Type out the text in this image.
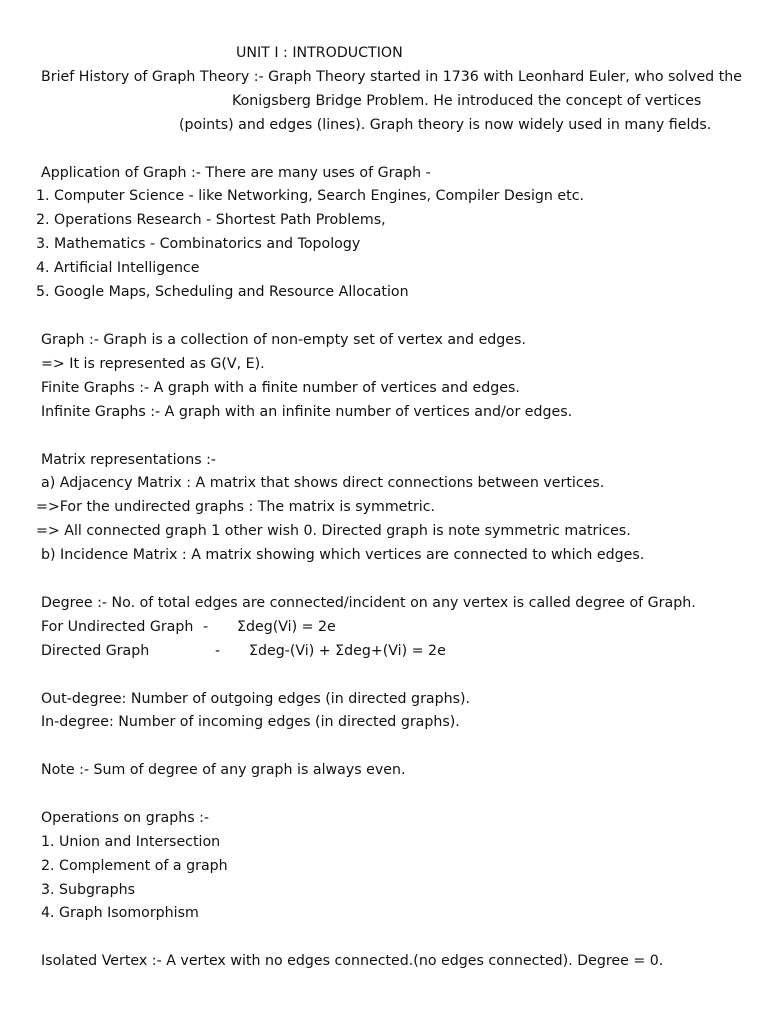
UNIT I : INTRODUCTION
Brief History of Graph Theory :- Graph Theory started in 1736 with Leonhard Euler, who solved the
Konigsberg Bridge Problem. He introduced the concept of vertices
(points) and edges (lines). Graph theory is now widely used in many fields.
Application of Graph :- There are many uses of Graph -
1. Computer Science - like Networking, Search Engines, Compiler Design etc.
2. Operations Research - Shortest Path Problems,
3. Mathematics - Combinatorics and Topology
4. Artificial Intelligence
5. Google Maps, Scheduling and Resource Allocation
Graph :- Graph is a collection of non-empty set of vertex and edges.
=> It is represented as G(V, E).
Finite Graphs :- A graph with a finite number of vertices and edges.
Infinite Graphs :- A graph with an infinite number of vertices and/or edges.
Matrix representations :-
a) Adjacency Matrix : A matrix that shows direct connections between vertices.
=>For the undirected graphs : The matrix is symmetric.
=> All connected graph 1 other wish 0. Directed graph is note symmetric matrices.
b) Incidence Matrix : A matrix showing which vertices are connected to which edges.
Degree :- No. of total edges are connected/incident on any vertex is called degree of Graph.
For Undirected Graph - Σdeg(Vi) = 2e
Directed Graph	- Σdeg-(Vi) + Σdeg+(Vi) = 2e
Out-degree: Number of outgoing edges (in directed graphs).
In-degree: Number of incoming edges (in directed graphs).
Note :- Sum of degree of any graph is always even.
Operations on graphs :-
1. Union and Intersection
2. Complement of a graph
3. Subgraphs
4. Graph Isomorphism
Isolated Vertex :- A vertex with no edges connected.(no edges connected). Degree = 0.
